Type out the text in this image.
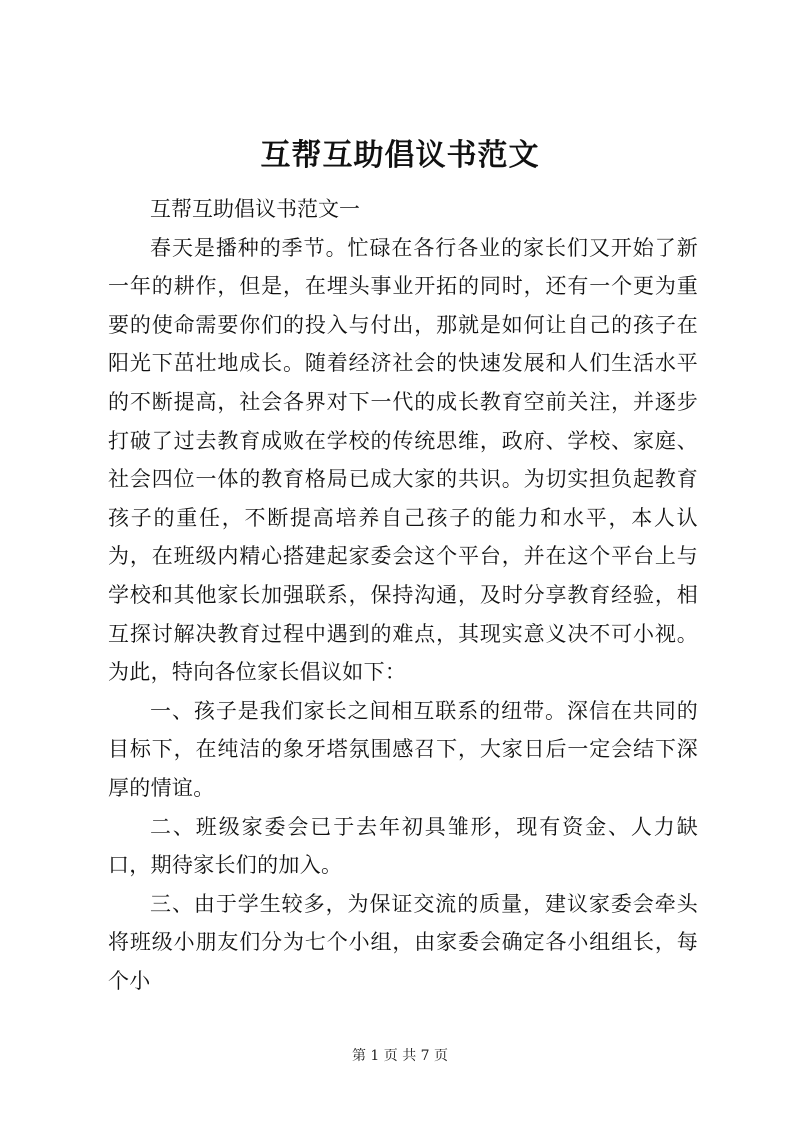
互帮互助倡议书范文

互帮互助倡议书范文一

春天是播种的季节。忙碌在各行各业的家长们又开始了新一年的耕作，但是，在埋头事业开拓的同时，还有一个更为重要的使命需要你们的投入与付出，那就是如何让自己的孩子在阳光下茁壮地成长。随着经济社会的快速发展和人们生活水平的不断提高，社会各界对下一代的成长教育空前关注，并逐步打破了过去教育成败在学校的传统思维，政府、学校、家庭、社会四位一体的教育格局已成大家的共识。为切实担负起教育孩子的重任，不断提高培养自己孩子的能力和水平，本人认为，在班级内精心搭建起家委会这个平台，并在这个平台上与学校和其他家长加强联系，保持沟通，及时分享教育经验，相互探讨解决教育过程中遇到的难点，其现实意义决不可小视。为此，特向各位家长倡议如下：

一、孩子是我们家长之间相互联系的纽带。深信在共同的目标下，在纯洁的象牙塔氛围感召下，大家日后一定会结下深厚的情谊。

二、班级家委会已于去年初具雏形，现有资金、人力缺口，期待家长们的加入。

三、由于学生较多，为保证交流的质量，建议家委会牵头将班级小朋友们分为七个小组，由家委会确定各小组组长，每个小

第 1 页 共 7 页
